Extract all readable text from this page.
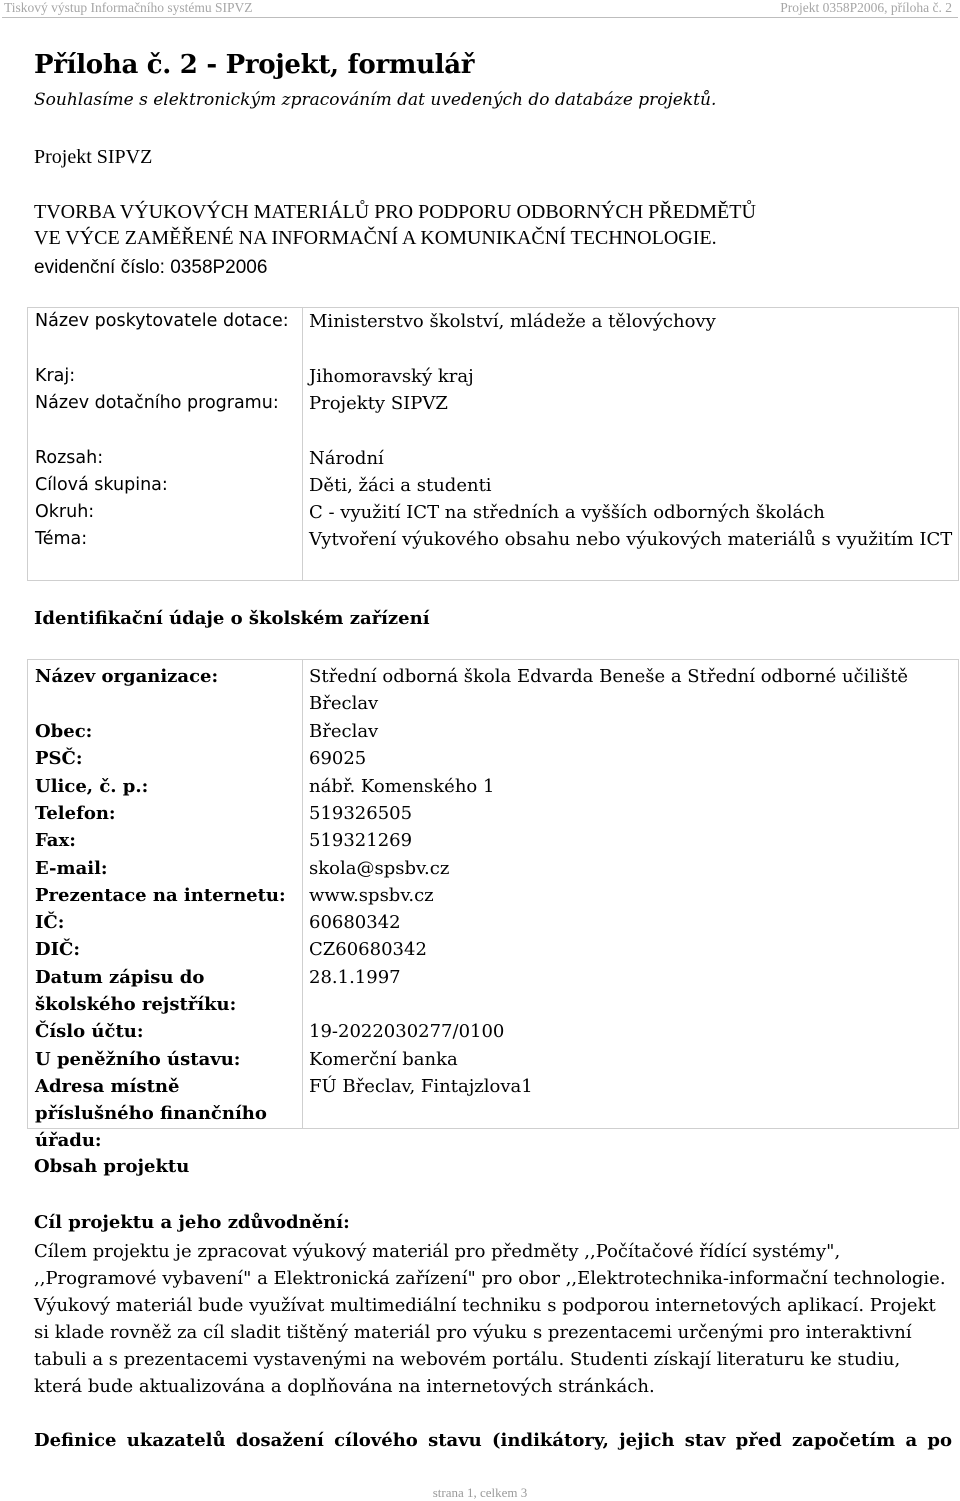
Tiskový výstup Informačního systému SIPVZ	Projekt 0358P2006, příloha č. 2
Příloha č. 2 - Projekt, formulář
Souhlasíme s elektronickým zpracováním dat uvedených do databáze projektů.
Projekt SIPVZ
TVORBA VÝUKOVÝCH MATERIÁLŮ PRO PODPORU ODBORNÝCH PŘEDMĚTŮ
VE VÝCE ZAMĚŘENÉ NA INFORMAČNÍ A KOMUNIKAČNÍ TECHNOLOGIE.
evidenční číslo: 0358P2006
Název poskytovatele dotace:	Ministerstvo školství, mládeže a tělovýchovy
Kraj:	Jihomoravský kraj
Název dotačního programu:	Projekty SIPVZ
Rozsah:	Národní
Cílová skupina:	Děti, žáci a studenti
Okruh:	C - využití ICT na středních a vyšších odborných školách
Téma:	Vytvoření výukového obsahu nebo výukových materiálů s využitím ICT
Identifikační údaje o školském zařízení
Název organizace:	Střední odborná škola Edvarda Beneše a Střední odborné učiliště Břeclav
Obec:	Břeclav
PSČ:	69025
Ulice, č. p.:	nábř. Komenského 1
Telefon:	519326505
Fax:	519321269
E-mail:	skola@spsbv.cz
Prezentace na internetu:	www.spsbv.cz
IČ:	60680342
DIČ:	CZ60680342
Datum zápisu do školského rejstříku:
28.1.1997
Číslo účtu:	19-2022030277/0100
U peněžního ústavu:	Komerční banka
Adresa místně příslušného finančního úřadu:
FÚ Břeclav, Fintajzlova1
Obsah projektu
Cíl projektu a jeho zdůvodnění:
Cílem projektu je zpracovat výukový materiál pro předměty ,,Počítačové řídící systémy", ,,Programové vybavení" a Elektronická zařízení" pro obor ,,Elektrotechnika-informační technologie. Výukový materiál bude využívat multimediální techniku s podporou internetových aplikací. Projekt si klade rovněž za cíl sladit tištěný materiál pro výuku s prezentacemi určenými pro interaktivní tabuli a s prezentacemi vystavenými na webovém portálu. Studenti získají literaturu ke studiu, která bude aktualizována a doplňována na internetových stránkách.
Definice ukazatelů dosažení cílového stavu (indikátory, jejich stav před započetím a po
strana 1, celkem 3
